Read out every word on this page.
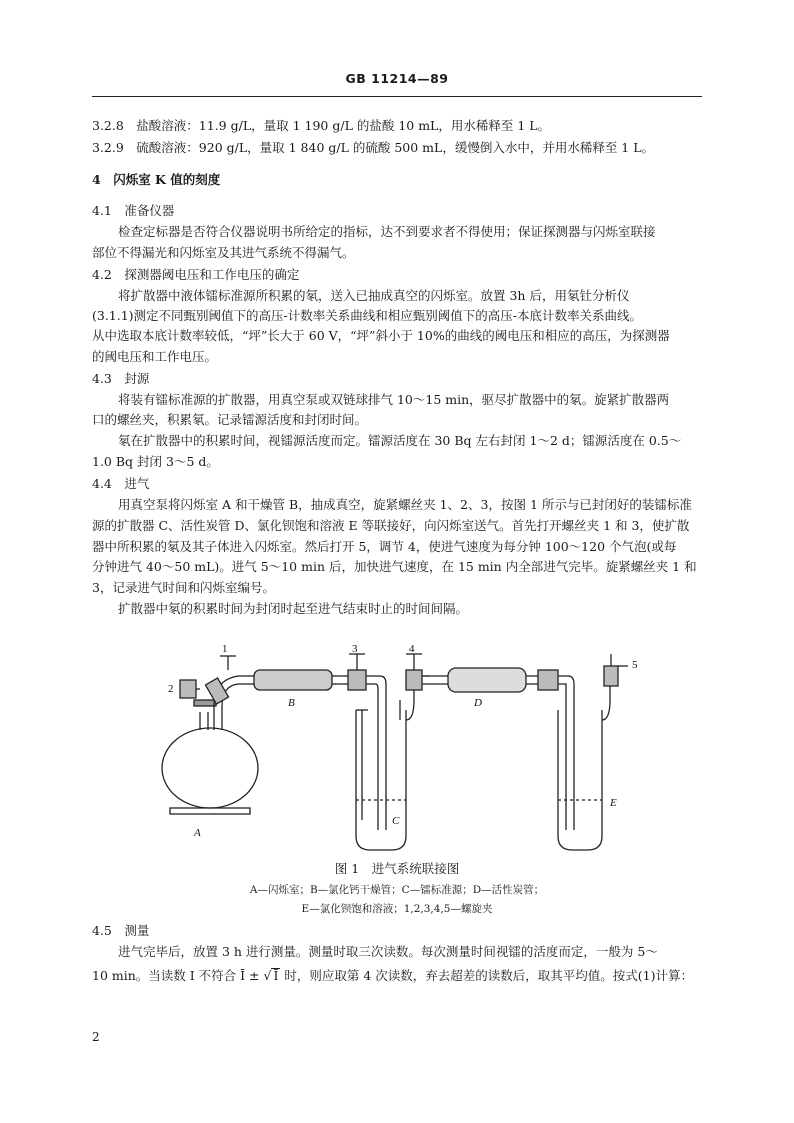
GB 11214—89
3.2.8　盐酸溶液：11.9 g/L，量取 1 190 g/L 的盐酸 10 mL，用水稀释至 1 L。
3.2.9　硫酸溶液：920 g/L，量取 1 840 g/L 的硫酸 500 mL，缓慢倒入水中，并用水稀释至 1 L。
4　闪烁室 K 值的刻度
4.1　准备仪器
检查定标器是否符合仪器说明书所给定的指标，达不到要求者不得使用；保证探测器与闪烁室联接
部位不得漏光和闪烁室及其进气系统不得漏气。
4.2　探测器阈电压和工作电压的确定
将扩散器中液体镭标准源所积累的氡，送入已抽成真空的闪烁室。放置 3h 后，用氡钍分析仪
(3.1.1)测定不同甄别阈值下的高压-计数率关系曲线和相应甄别阈值下的高压-本底计数率关系曲线。
从中选取本底计数率较低，“坪”长大于 60 V，“坪”斜小于 10%的曲线的阈电压和相应的高压，为探测器
的阈电压和工作电压。
4.3　封源
将装有镭标准源的扩散器，用真空泵或双链球排气 10～15 min，驱尽扩散器中的氡。旋紧扩散器两
口的螺丝夹，积累氡。记录镭源活度和封闭时间。
氡在扩散器中的积累时间，视镭源活度而定。镭源活度在 30 Bq 左右封闭 1～2 d；镭源活度在 0.5～
1.0 Bq 封闭 3～5 d。
4.4　进气
用真空泵将闪烁室 A 和干燥管 B，抽成真空，旋紧螺丝夹 1、2、3，按图 1 所示与已封闭好的装镭标准
源的扩散器 C、活性炭管 D、氯化钡饱和溶液 E 等联接好，向闪烁室送气。首先打开螺丝夹 1 和 3，使扩散
器中所积累的氡及其子体进入闪烁室。然后打开 5，调节 4，使进气速度为每分钟 100～120 个气泡(或每
分钟进气 40～50 mL)。进气 5～10 min 后，加快进气速度，在 15 min 内全部进气完毕。旋紧螺丝夹 1 和
3，记录进气时间和闪烁室编号。
扩散器中氡的积累时间为封闭时起至进气结束时止的时间间隔。
1
2
3	4
5
A
B
C
D
E
图 1　进气系统联接图
A—闪烁室；B—氯化钙干燥管；C—镭标准源；D—活性炭管；
E—氯化钡饱和溶液；1,2,3,4,5—螺旋夹
4.5　测量
进气完毕后，放置 3 h 进行测量。测量时取三次读数。每次测量时间视镭的活度而定，一般为 5～
10 min。当读数 I 不符合 Ī ± √ Ī 时，则应取第 4 次读数，弃去超差的读数后，取其平均值。按式(1)计算：
2
